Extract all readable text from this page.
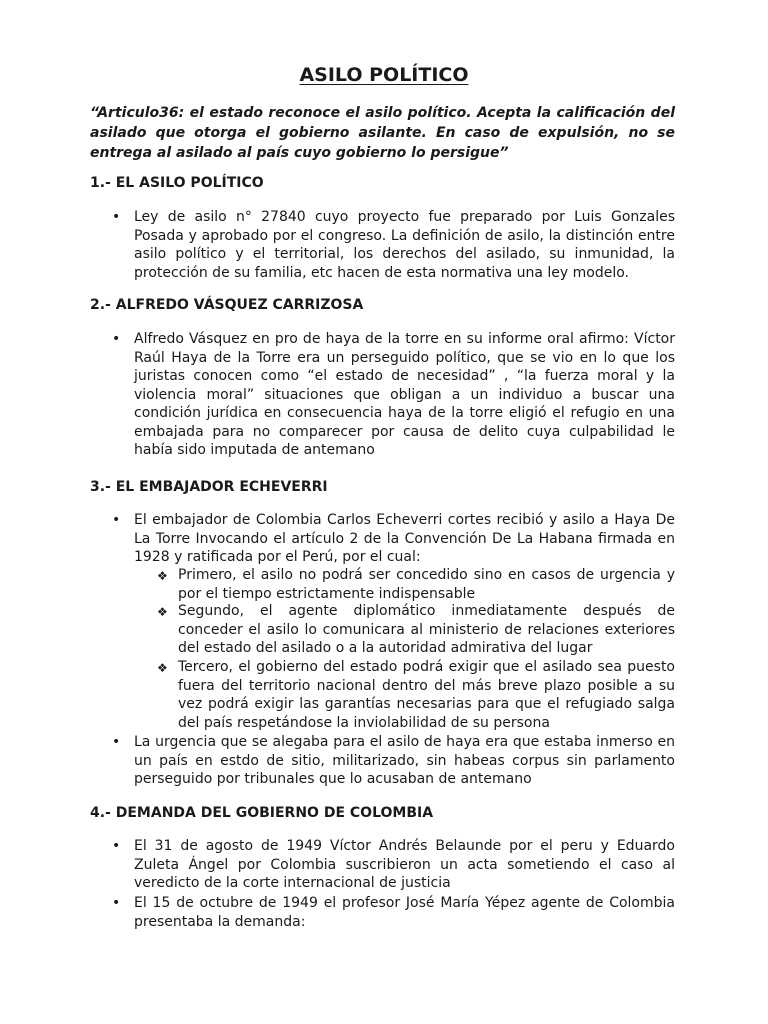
ASILO POLÍTICO
“Articulo36: el estado reconoce el asilo político. Acepta la calificación del asilado que otorga el gobierno asilante. En caso de expulsión, no se entrega al asilado al país cuyo gobierno lo persigue”
1.- EL ASILO POLÍTICO
• Ley de asilo n° 27840 cuyo proyecto fue preparado por Luis Gonzales Posada y aprobado por el congreso. La definición de asilo, la distinción entre asilo político y el territorial, los derechos del asilado, su inmunidad, la protección de su familia, etc hacen de esta normativa una ley modelo.
2.- ALFREDO VÁSQUEZ CARRIZOSA
• Alfredo Vásquez en pro de haya de la torre en su informe oral afirmo: Víctor Raúl Haya de la Torre era un perseguido político, que se vio en lo que los juristas conocen como “el estado de necesidad” , “la fuerza moral y la violencia moral” situaciones que obligan a un individuo a buscar una condición jurídica en consecuencia haya de la torre eligió el refugio en una embajada para no comparecer por causa de delito cuya culpabilidad le había sido imputada de antemano
3.- EL EMBAJADOR ECHEVERRI
• El embajador de Colombia Carlos Echeverri cortes recibió y asilo a Haya De La Torre Invocando el artículo 2 de la Convención De La Habana firmada en 1928 y ratificada por el Perú, por el cual:
❖ Primero, el asilo no podrá ser concedido sino en casos de urgencia y por el tiempo estrictamente indispensable
❖ Segundo, el agente diplomático inmediatamente después de conceder el asilo lo comunicara al ministerio de relaciones exteriores del estado del asilado o a la autoridad admirativa del lugar
❖ Tercero, el gobierno del estado podrá exigir que el asilado sea puesto fuera del territorio nacional dentro del más breve plazo posible a su vez podrá exigir las garantías necesarias para que el refugiado salga del país respetándose la inviolabilidad de su persona
• La urgencia que se alegaba para el asilo de haya era que estaba inmerso en un país en estdo de sitio, militarizado, sin habeas corpus sin parlamento perseguido por tribunales que lo acusaban de antemano
4.- DEMANDA DEL GOBIERNO DE COLOMBIA
• El 31 de agosto de 1949 Víctor Andrés Belaunde por el peru y Eduardo Zuleta Ángel por Colombia suscribieron un acta sometiendo el caso al veredicto de la corte internacional de justicia
• El 15 de octubre de 1949 el profesor José María Yépez agente de Colombia presentaba la demanda:
